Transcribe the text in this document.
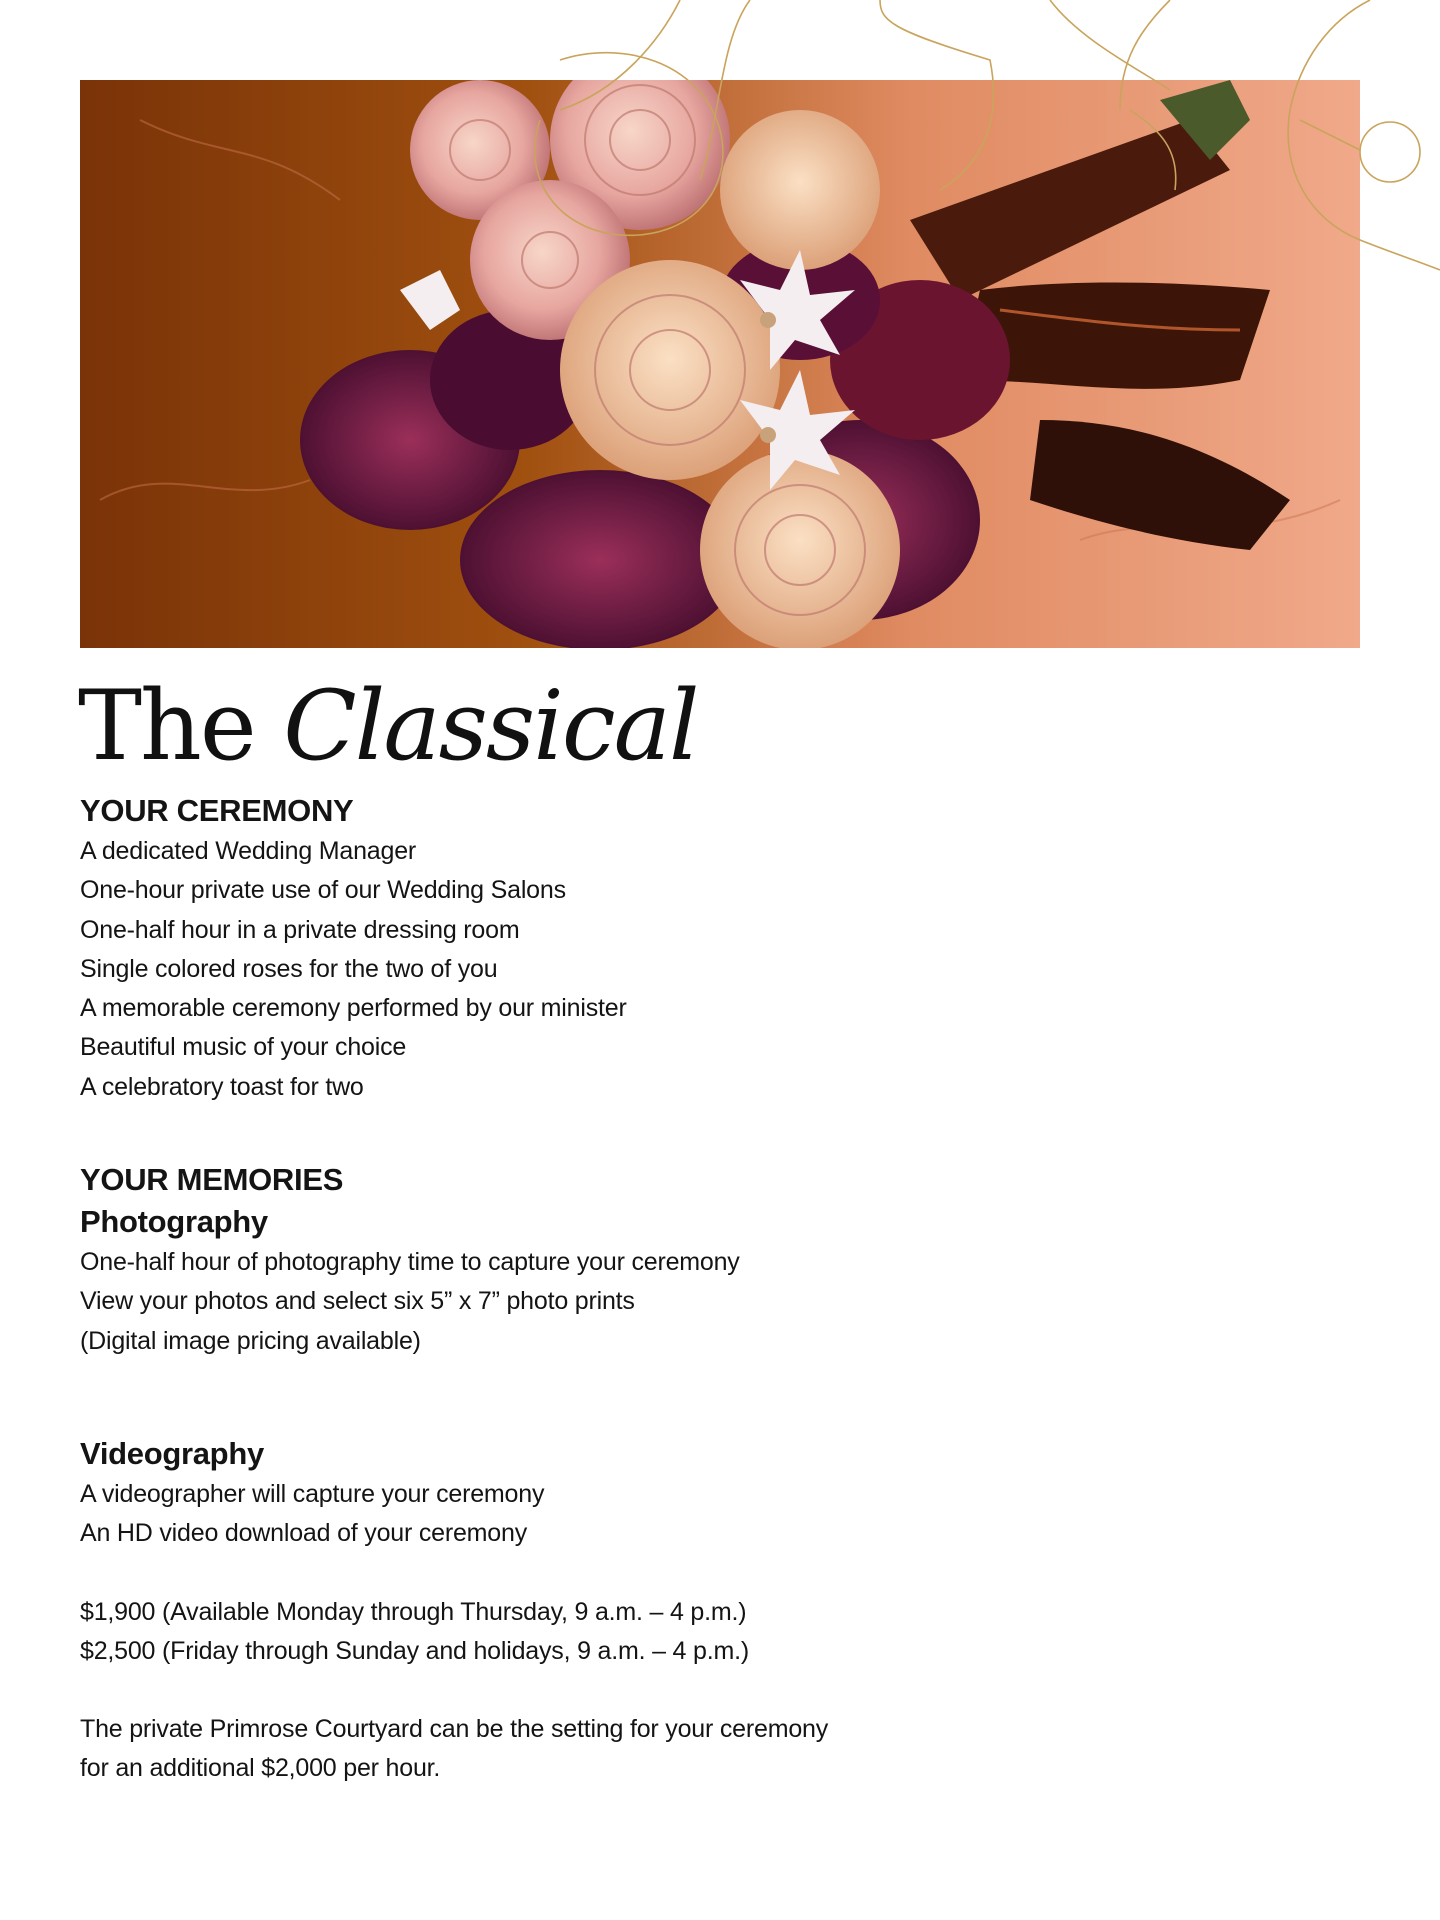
The Classical
YOUR CEREMONY

A dedicated Wedding Manager

One-hour private use of our Wedding Salons

One-half hour in a private dressing room

Single colored roses for the two of you

A memorable ceremony performed by our minister

Beautiful music of your choice

A celebratory toast for two

YOUR MEMORIES
Photography

One-half hour of photography time to capture your ceremony

View your photos and select six 5” x 7” photo prints

(Digital image pricing available)

Videography

A videographer will capture your ceremony

An HD video download of your ceremony

$1,900 (Available Monday through Thursday, 9 a.m. – 4 p.m.)

$2,500 (Friday through Sunday and holidays, 9 a.m. – 4 p.m.)

The private Primrose Courtyard can be the setting for your ceremony

for an additional $2,000 per hour.
